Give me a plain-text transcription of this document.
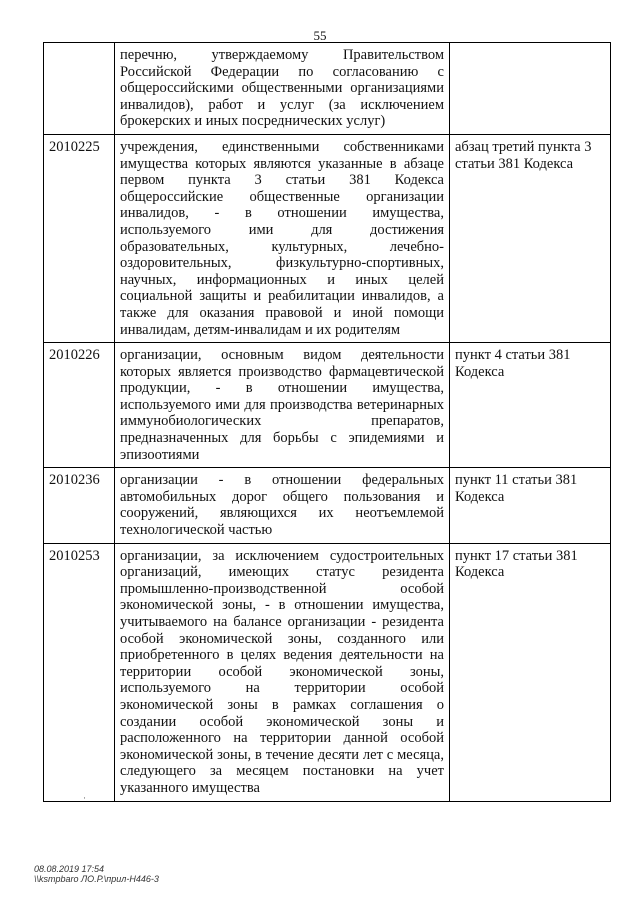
55
	перечню, утверждаемому Правительством Российской Федерации по согласованию с общероссийскими общественными организациями инвалидов), работ и услуг (за исключением брокерских и иных посреднических услуг)	
2010225	учреждения, единственными собственниками имущества которых являются указанные в абзаце первом пункта 3 статьи 381 Кодекса общероссийские общественные организации инвалидов, - в отношении имущества, используемого ими для достижения образовательных, культурных, лечебно-оздоровительных, физкультурно-спортивных, научных, информационных и иных целей социальной защиты и реабилитации инвалидов, а также для оказания правовой и иной помощи инвалидам, детям-инвалидам и их родителям	абзац третий пункта 3 статьи 381 Кодекса
2010226	организации, основным видом деятельности которых является производство фармацевтической продукции, - в отношении имущества, используемого ими для производства ветеринарных иммунобиологических препаратов, предназначенных для борьбы с эпидемиями и эпизоотиями	пункт 4 статьи 381 Кодекса
2010236	организации - в отношении федеральных автомобильных дорог общего пользования и сооружений, являющихся их неотъемлемой технологической частью	пункт 11 статьи 381 Кодекса
2010253	организации, за исключением судостроительных организаций, имеющих статус резидента промышленно-производственной особой экономической зоны, - в отношении имущества, учитываемого на балансе организации - резидента особой экономической зоны, созданного или приобретенного в целях ведения деятельности на территории особой экономической зоны, используемого на территории особой экономической зоны в рамках соглашения о создании особой экономической зоны и расположенного на территории данной особой экономической зоны, в течение десяти лет с месяца, следующего за месяцем постановки на учет указанного имущества	пункт 17 статьи 381 Кодекса
·
08.08.2019 17:54
\\ksmpbaro ЛО.Р.\прил-Н446-3
